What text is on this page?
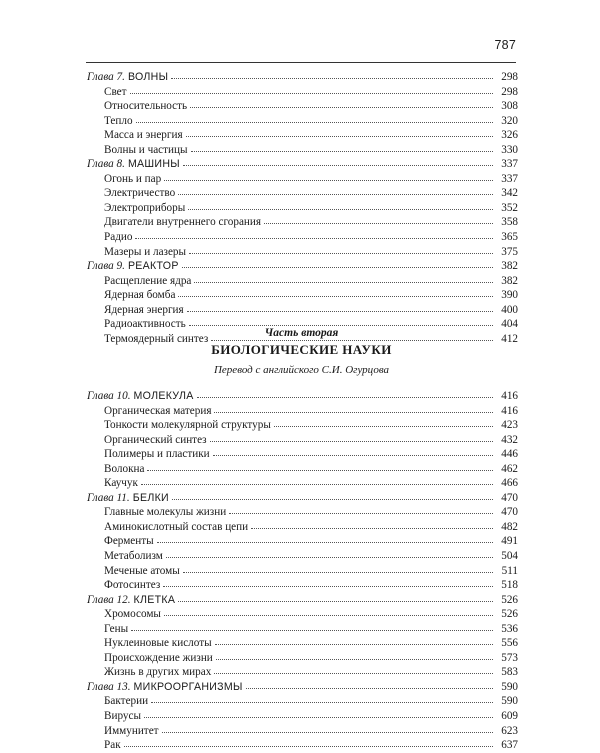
787
Глава 7. ВОЛНЫ	298
Свет	298
Относительность	308
Тепло	320
Масса и энергия	326
Волны и частицы	330
Глава 8. МАШИНЫ	337
Огонь и пар	337
Электричество	342
Электроприборы	352
Двигатели внутреннего сгорания	358
Радио	365
Мазеры и лазеры	375
Глава 9. РЕАКТОР	382
Расщепление ядра	382
Ядерная бомба	390
Ядерная энергия	400
Радиоактивность	404
Термоядерный синтез	412
Часть вторая
БИОЛОГИЧЕСКИЕ НАУКИ
Перевод с английского С.И. Огурцова
Глава 10. МОЛЕКУЛА	416
Органическая материя	416
Тонкости молекулярной структуры	423
Органический синтез	432
Полимеры и пластики	446
Волокна	462
Каучук	466
Глава 11. БЕЛКИ	470
Главные молекулы жизни	470
Аминокислотный состав цепи	482
Ферменты	491
Метаболизм	504
Меченые атомы	511
Фотосинтез	518
Глава 12. КЛЕТКА	526
Хромосомы	526
Гены	536
Нуклеиновые кислоты	556
Происхождение жизни	573
Жизнь в других мирах	583
Глава 13. МИКРООРГАНИЗМЫ	590
Бактерии	590
Вирусы	609
Иммунитет	623
Рак	637
